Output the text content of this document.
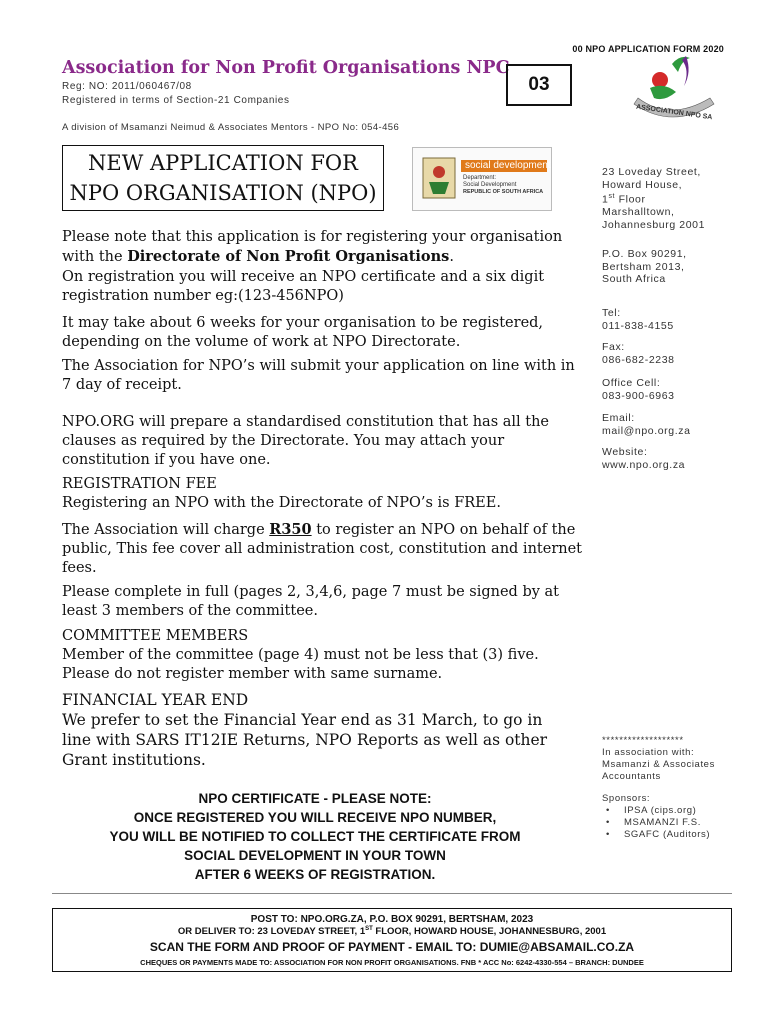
00 NPO APPLICATION FORM 2020
Association for Non Profit Organisations NPC
Reg: NO: 2011/060467/08
Registered in terms of Section-21 Companies
A division of Msamanzi Neimud & Associates Mentors - NPO No: 054-456
03
ASSOCIATION NPO SA
NEW APPLICATION FOR
NPO ORGANISATION (NPO)
social development
Department:
Social Development
REPUBLIC OF SOUTH AFRICA
Please note that this application is for registering your organisation with the Directorate of Non Profit Organisations.
On registration you will receive an NPO certificate and a six digit registration number eg:(123-456NPO)
It may take about 6 weeks for your organisation to be registered, depending on the volume of work at NPO Directorate.
The Association for NPO’s will submit your application on line with in 7 day of receipt.
NPO.ORG will prepare a standardised constitution that has all the clauses as required by the Directorate. You may attach your constitution if you have one.
REGISTRATION FEE
Registering an NPO with the Directorate of NPO’s is FREE.
The Association will charge R350 to register an NPO on behalf of the public, This fee cover all administration cost, constitution and internet fees.
Please complete in full (pages 2, 3,4,6, page 7 must be signed by at least 3 members of the committee.
COMMITTEE MEMBERS
Member of the committee (page 4) must not be less that (3) five. Please do not register member with same surname.
FINANCIAL YEAR END
We prefer to set the Financial Year end as 31 March, to go in line with SARS IT12IE Returns, NPO Reports as well as other Grant institutions.
NPO CERTIFICATE - PLEASE NOTE:
ONCE REGISTERED YOU WILL RECEIVE NPO NUMBER,
YOU WILL BE NOTIFIED TO COLLECT THE CERTIFICATE FROM
SOCIAL DEVELOPMENT IN YOUR TOWN
AFTER 6 WEEKS OF REGISTRATION.
23 Loveday Street,
Howard House,
1st Floor
Marshalltown,
Johannesburg 2001
P.O. Box 90291,
Bertsham 2013,
South Africa
Tel:
011-838-4155
Fax:
086-682-2238
Office Cell:
083-900-6963
Email:
mail@npo.org.za
Website:
www.npo.org.za
*******************
In association with:
Msamanzi & Associates
Accountants
Sponsors:
• IPSA (cips.org)
• MSAMANZI F.S.
• SGAFC (Auditors)
POST TO: NPO.ORG.ZA, P.O. BOX 90291, BERTSHAM, 2023
OR DELIVER TO: 23 LOVEDAY STREET, 1ST FLOOR, HOWARD HOUSE, JOHANNESBURG, 2001
SCAN THE FORM AND PROOF OF PAYMENT - EMAIL TO: DUMIE@ABSAMAIL.CO.ZA
CHEQUES OR PAYMENTS MADE TO: ASSOCIATION FOR NON PROFIT ORGANISATIONS. FNB * ACC No: 6242-4330-554 – BRANCH: DUNDEE
